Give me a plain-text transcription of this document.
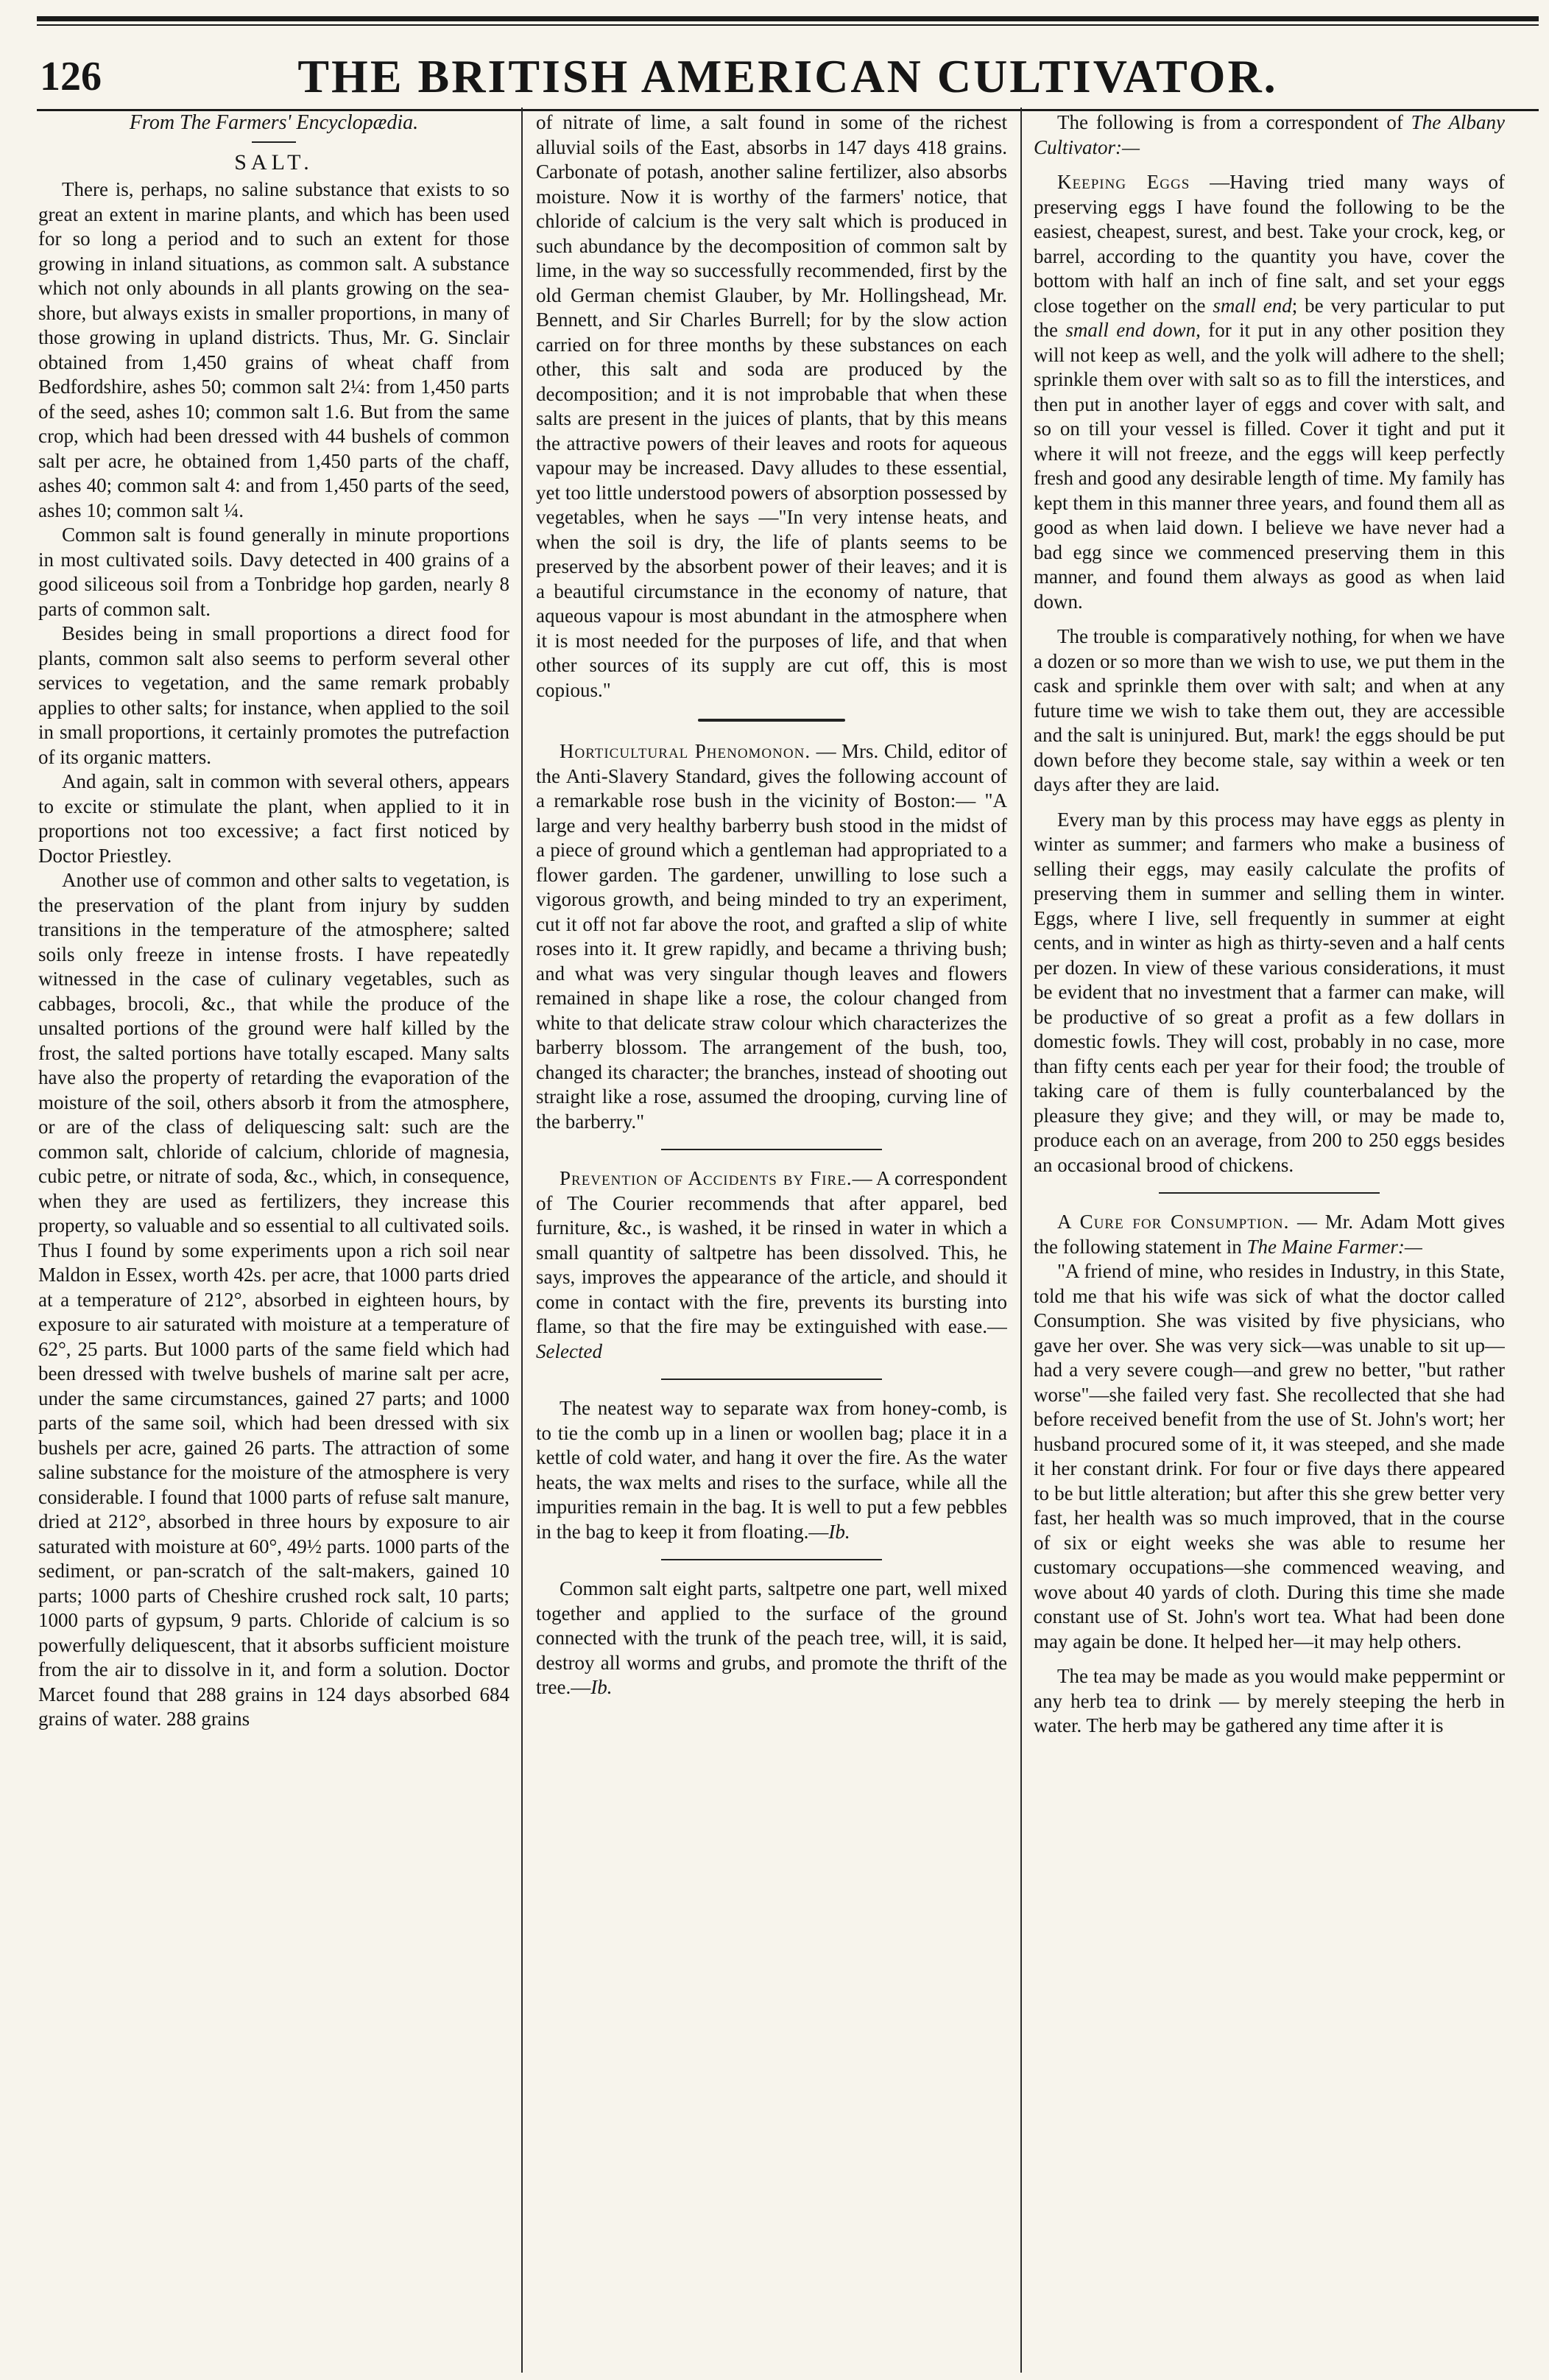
126	THE BRITISH AMERICAN CULTIVATOR.
From The Farmers' Encyclopædia.
SALT.

There is, perhaps, no saline substance that exists to so great an extent in marine plants, and which has been used for so long a period and to such an extent for those growing in inland situations, as common salt. A substance which not only abounds in all plants growing on the sea-shore, but always exists in smaller proportions, in many of those growing in upland districts. Thus, Mr. G. Sinclair obtained from 1,450 grains of wheat chaff from Bedfordshire, ashes 50; common salt 2¼: from 1,450 parts of the seed, ashes 10; common salt 1.6. But from the same crop, which had been dressed with 44 bushels of common salt per acre, he obtained from 1,450 parts of the chaff, ashes 40; common salt 4: and from 1,450 parts of the seed, ashes 10; common salt ¼.

Common salt is found generally in minute proportions in most cultivated soils. Davy detected in 400 grains of a good siliceous soil from a Tonbridge hop garden, nearly 8 parts of common salt.

Besides being in small proportions a direct food for plants, common salt also seems to perform several other services to vegetation, and the same remark probably applies to other salts; for instance, when applied to the soil in small proportions, it certainly promotes the putrefaction of its organic matters.

And again, salt in common with several others, appears to excite or stimulate the plant, when applied to it in proportions not too excessive; a fact first noticed by Doctor Priestley.

Another use of common and other salts to vegetation, is the preservation of the plant from injury by sudden transitions in the temperature of the atmosphere; salted soils only freeze in intense frosts. I have repeatedly witnessed in the case of culinary vegetables, such as cabbages, brocoli, &c., that while the produce of the unsalted portions of the ground were half killed by the frost, the salted portions have totally escaped. Many salts have also the property of retarding the evaporation of the moisture of the soil, others absorb it from the atmosphere, or are of the class of deliquescing salt: such are the common salt, chloride of calcium, chloride of magnesia, cubic petre, or nitrate of soda, &c., which, in consequence, when they are used as fertilizers, they increase this property, so valuable and so essential to all cultivated soils. Thus I found by some experiments upon a rich soil near Maldon in Essex, worth 42s. per acre, that 1000 parts dried at a temperature of 212°, absorbed in eighteen hours, by exposure to air saturated with moisture at a temperature of 62°, 25 parts. But 1000 parts of the same field which had been dressed with twelve bushels of marine salt per acre, under the same circumstances, gained 27 parts; and 1000 parts of the same soil, which had been dressed with six bushels per acre, gained 26 parts. The attraction of some saline substance for the moisture of the atmosphere is very considerable. I found that 1000 parts of refuse salt manure, dried at 212°, absorbed in three hours by exposure to air saturated with moisture at 60°, 49½ parts. 1000 parts of the sediment, or pan-scratch of the salt-makers, gained 10 parts; 1000 parts of Cheshire crushed rock salt, 10 parts; 1000 parts of gypsum, 9 parts. Chloride of calcium is so powerfully deliquescent, that it absorbs sufficient moisture from the air to dissolve in it, and form a solution. Doctor Marcet found that 288 grains in 124 days absorbed 684 grains of water. 288 grains

of nitrate of lime, a salt found in some of the richest alluvial soils of the East, absorbs in 147 days 418 grains. Carbonate of potash, another saline fertilizer, also absorbs moisture. Now it is worthy of the farmers' notice, that chloride of calcium is the very salt which is produced in such abundance by the decomposition of common salt by lime, in the way so successfully recommended, first by the old German chemist Glauber, by Mr. Hollingshead, Mr. Bennett, and Sir Charles Burrell; for by the slow action carried on for three months by these substances on each other, this salt and soda are produced by the decomposition; and it is not improbable that when these salts are present in the juices of plants, that by this means the attractive powers of their leaves and roots for aqueous vapour may be increased. Davy alludes to these essential, yet too little understood powers of absorption possessed by vegetables, when he says —"In very intense heats, and when the soil is dry, the life of plants seems to be preserved by the absorbent power of their leaves; and it is a beautiful circumstance in the economy of nature, that aqueous vapour is most abundant in the atmosphere when it is most needed for the purposes of life, and that when other sources of its supply are cut off, this is most copious."

Horticultural Phenomonon. — Mrs. Child, editor of the Anti-Slavery Standard, gives the following account of a remarkable rose bush in the vicinity of Boston:— "A large and very healthy barberry bush stood in the midst of a piece of ground which a gentleman had appropriated to a flower garden. The gardener, unwilling to lose such a vigorous growth, and being minded to try an experiment, cut it off not far above the root, and grafted a slip of white roses into it. It grew rapidly, and became a thriving bush; and what was very singular though leaves and flowers remained in shape like a rose, the colour changed from white to that delicate straw colour which characterizes the barberry blossom. The arrangement of the bush, too, changed its character; the branches, instead of shooting out straight like a rose, assumed the drooping, curving line of the barberry."

Prevention of Accidents by Fire.— A correspondent of The Courier recommends that after apparel, bed furniture, &c., is washed, it be rinsed in water in which a small quantity of saltpetre has been dissolved. This, he says, improves the appearance of the article, and should it come in contact with the fire, prevents its bursting into flame, so that the fire may be extinguished with ease.—Selected

The neatest way to separate wax from honey-comb, is to tie the comb up in a linen or woollen bag; place it in a kettle of cold water, and hang it over the fire. As the water heats, the wax melts and rises to the surface, while all the impurities remain in the bag. It is well to put a few pebbles in the bag to keep it from floating.—Ib.

Common salt eight parts, saltpetre one part, well mixed together and applied to the surface of the ground connected with the trunk of the peach tree, will, it is said, destroy all worms and grubs, and promote the thrift of the tree.—Ib.

The following is from a correspondent of The Albany Cultivator:—

Keeping Eggs —Having tried many ways of preserving eggs I have found the following to be the easiest, cheapest, surest, and best. Take your crock, keg, or barrel, according to the quantity you have, cover the bottom with half an inch of fine salt, and set your eggs close together on the small end; be very particular to put the small end down, for it put in any other position they will not keep as well, and the yolk will adhere to the shell; sprinkle them over with salt so as to fill the interstices, and then put in another layer of eggs and cover with salt, and so on till your vessel is filled. Cover it tight and put it where it will not freeze, and the eggs will keep perfectly fresh and good any desirable length of time. My family has kept them in this manner three years, and found them all as good as when laid down. I believe we have never had a bad egg since we commenced preserving them in this manner, and found them always as good as when laid down.

The trouble is comparatively nothing, for when we have a dozen or so more than we wish to use, we put them in the cask and sprinkle them over with salt; and when at any future time we wish to take them out, they are accessible and the salt is uninjured. But, mark! the eggs should be put down before they become stale, say within a week or ten days after they are laid.

Every man by this process may have eggs as plenty in winter as summer; and farmers who make a business of selling their eggs, may easily calculate the profits of preserving them in summer and selling them in winter. Eggs, where I live, sell frequently in summer at eight cents, and in winter as high as thirty-seven and a half cents per dozen. In view of these various considerations, it must be evident that no investment that a farmer can make, will be productive of so great a profit as a few dollars in domestic fowls. They will cost, probably in no case, more than fifty cents each per year for their food; the trouble of taking care of them is fully counterbalanced by the pleasure they give; and they will, or may be made to, produce each on an average, from 200 to 250 eggs besides an occasional brood of chickens.

A Cure for Consumption. — Mr. Adam Mott gives the following statement in The Maine Farmer:—

"A friend of mine, who resides in Industry, in this State, told me that his wife was sick of what the doctor called Consumption. She was visited by five physicians, who gave her over. She was very sick—was unable to sit up—had a very severe cough—and grew no better, "but rather worse"—she failed very fast. She recollected that she had before received benefit from the use of St. John's wort; her husband procured some of it, it was steeped, and she made it her constant drink. For four or five days there appeared to be but little alteration; but after this she grew better very fast, her health was so much improved, that in the course of six or eight weeks she was able to resume her customary occupations—she commenced weaving, and wove about 40 yards of cloth. During this time she made constant use of St. John's wort tea. What had been done may again be done. It helped her—it may help others.

The tea may be made as you would make peppermint or any herb tea to drink — by merely steeping the herb in water. The herb may be gathered any time after it is
